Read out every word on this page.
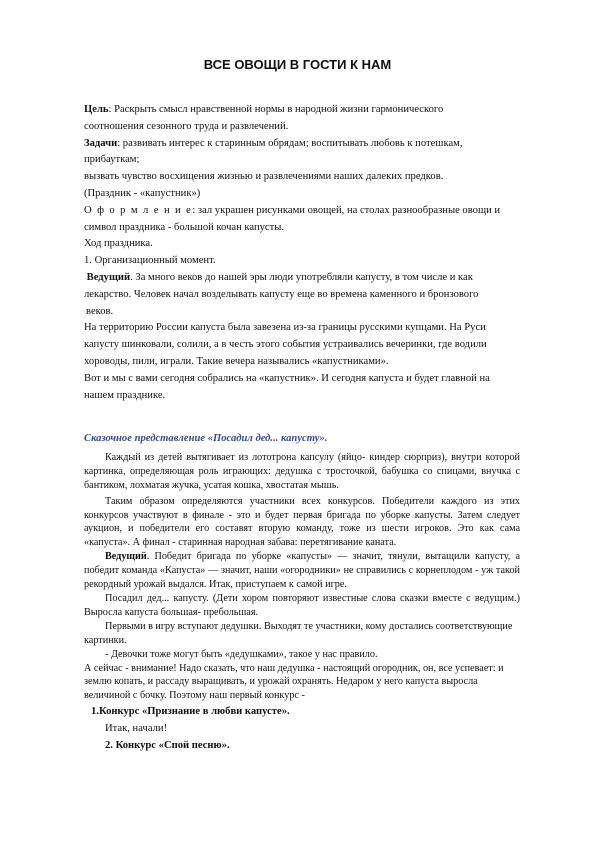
ВСЕ ОВОЩИ В ГОСТИ К НАМ

Цель: Раскрыть смысл нравственной нормы в народной жизни гармонического

соотношения сезонного труда и развлечений.

Задачи: развивать интерес к старинным обрядам; воспитывать любовь к потешкам,

прибауткам;

вызвать чувство восхищения жизнью и развлечениями наших далеких предков.

(Праздник - «капустник»)

О ф о р м л е н и е: зал украшен рисунками овощей, на столах разнообразные овощи и

символ праздника - большой кочан капусты.

Ход праздника.

1. Организационный момент.

Ведущий. За много веков до нашей эры люди употребляли капусту, в том числе и как

лекарство. Человек начал возделывать капусту еще во времена каменного и бронзового

веков.

На территорию России капуста была завезена из-за границы русскими купцами. На Руси

капусту шинковали, солили, а в честь этого события устраивались вечеринки, где водили

хороводы, пили, играли. Такие вечера назывались «капустниками».

Вот и мы с вами сегодня собрались на «капустник». И сегодня капуста и будет главной на

нашем празднике.

Сказочное представление «Посадил дед... капусту».

Каждый из детей вытягивает из лототрона капсулу (яйцо- киндер сюрприз), внутри которой картинка, определяющая роль играющих: дедушка с тросточкой, бабушка со спицами, внучка с бантиком, лохматая жучка, усатая кошка, хвостатая мышь.

Таким образом определяются участники всех конкурсов. Победители каждого из этих конкурсов участвуют в финале - это и будет первая бригада по уборке капусты. Затем следует аукцион, и победители его составят вторую команду, тоже из шести игроков. Это как сама «капуста». А финал - старинная народная забава: перетягивание каната.

Ведущий. Победит бригада по уборке «капусты» — значит, тянули, вытащили капусту, а победит команда «Капуста» — значит, наши «огородники» не справились с корнеплодом - уж такой рекордный урожай выдался. Итак, приступаем к самой игре.

Посадил дед... капусту. (Дети хором повторяют известные слова сказки вместе с ведущим.) Выросла капуста большая- пребольшая.

Первыми в игру вступают дедушки. Выходят те участники, кому достались соответствующие картинки.

- Девочки тоже могут быть «дедушками», такое у нас правило.

А сейчас - внимание! Надо сказать, что наш дедушка - настоящий огородник, он, все успевает: и землю копать, и рассаду выращивать, и урожай охранять. Недаром у него капуста выросла величиной с бочку. Поэтому наш первый конкурс -

1.Конкурс «Признание в любви капусте».

Итак, начали!

2. Конкурс «Спой песню».
